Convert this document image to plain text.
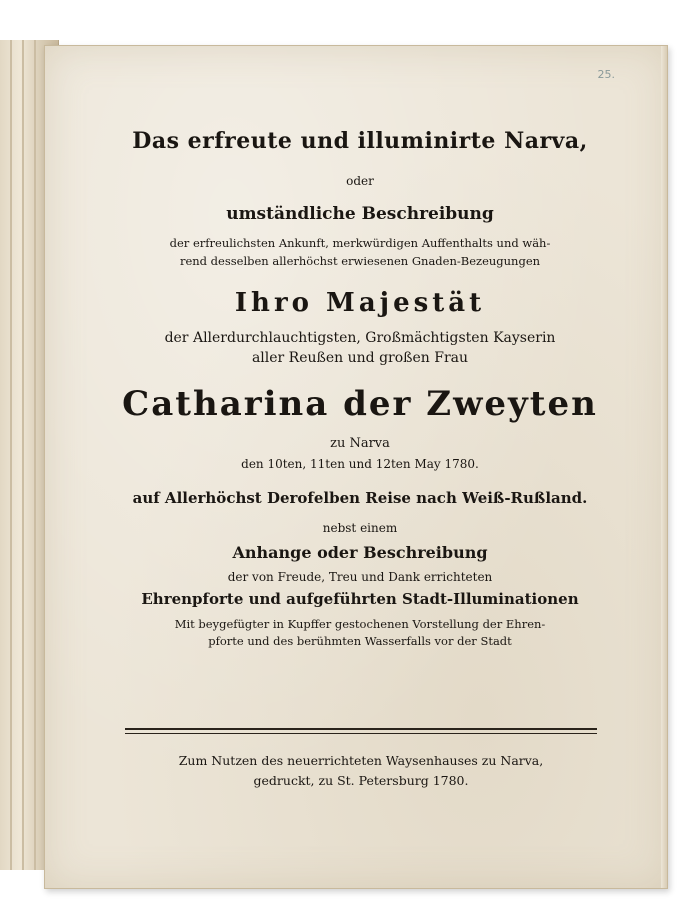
25.
Das erfreute und illuminirte Narva,
oder
umständliche Beschreibung
der erfreulichsten Ankunft, merkwürdigen Auffenthalts und wäh-
rend desselben allerhöchst erwiesenen Gnaden-Bezeugungen
Ihro Majestät
der Allerdurchlauchtigsten, Großmächtigsten Kayserin
aller Reußen und großen Frau
Catharina der Zweyten
zu Narva
den 10ten, 11ten und 12ten May 1780.
auf Allerhöchst Derofelben Reise nach Weiß-Rußland.
nebst einem
Anhange oder Beschreibung
der von Freude, Treu und Dank errichteten
Ehrenpforte und aufgeführten Stadt-Illuminationen
Mit beygefügter in Kupffer gestochenen Vorstellung der Ehren-
pforte und des berühmten Wasserfalls vor der Stadt
Zum Nutzen des neuerrichteten Waysenhauses zu Narva,
gedruckt, zu St. Petersburg 1780.
